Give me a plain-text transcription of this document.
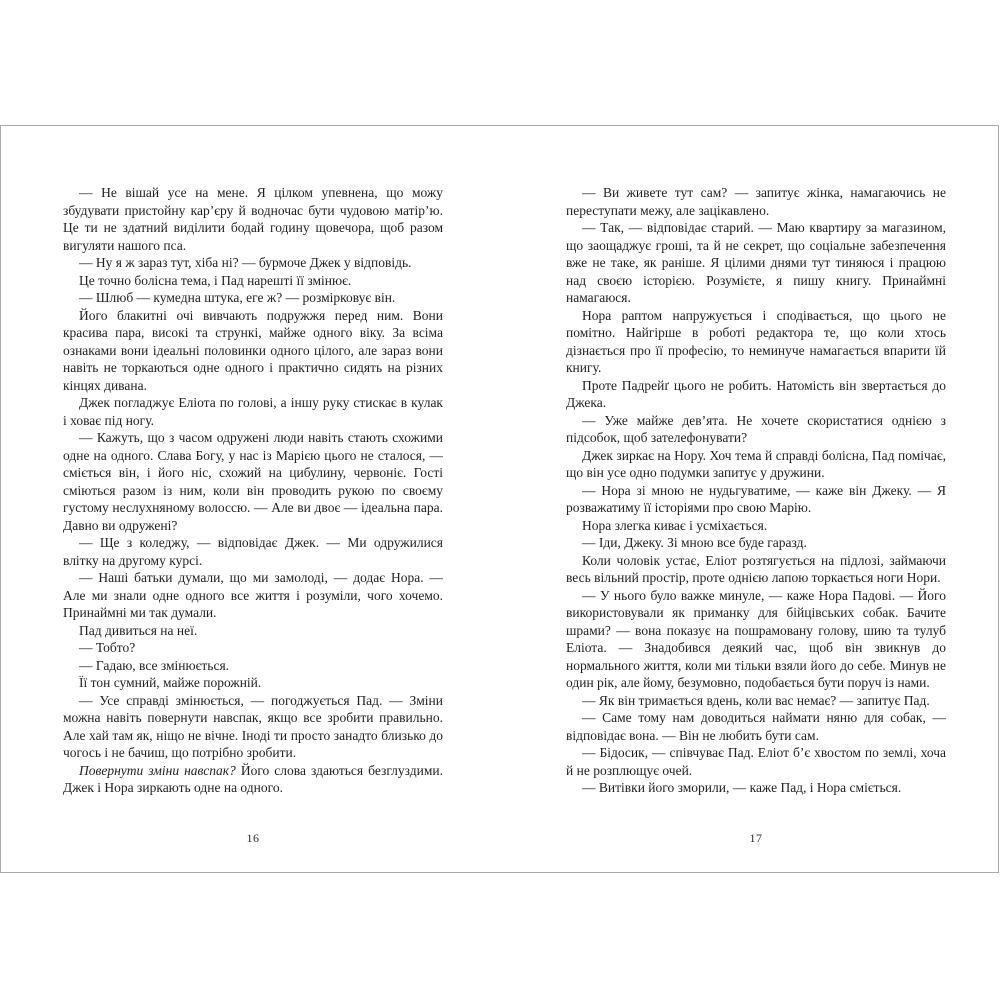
— Не вішай усе на мене. Я цілком упевнена, що можу збудувати пристойну кар’єру й водночас бути чудовою матір’ю. Це ти не здатний виділити бодай годину щовечора, щоб разом вигуляти нашого пса.

— Ну я ж зараз тут, хіба ні? — бурмоче Джек у відповідь.

Це точно болісна тема, і Пад нарешті її змінює.

— Шлюб — кумедна штука, еге ж? — розмірковує він.

Його блакитні очі вивчають подружжя перед ним. Вони красива пара, високі та стрункі, майже одного віку. За всіма ознаками вони ідеальні половинки одного цілого, але зараз вони навіть не торкаються одне одного і практично сидять на різних кінцях дивана.

Джек погладжує Еліота по голові, а іншу руку стискає в кулак і ховає під ногу.

— Кажуть, що з часом одружені люди навіть стають схожими одне на одного. Слава Богу, у нас із Марією цього не сталося, — сміється він, і його ніс, схожий на цибулину, червоніє. Гості сміються разом із ним, коли він проводить рукою по своєму густому неслухняному волоссю. — Але ви двоє — ідеальна пара. Давно ви одружені?

— Ще з коледжу, — відповідає Джек. — Ми одружилися влітку на другому курсі.

— Наші батьки думали, що ми замолоді, — додає Нора. — Але ми знали одне одного все життя і розуміли, чого хочемо. Принаймні ми так думали.

Пад дивиться на неї.

— Тобто?

— Гадаю, все змінюється.

Її тон сумний, майже порожній.

— Усе справді змінюється, — погоджується Пад. — Зміни можна навіть повернути навспак, якщо все зробити правильно. Але хай там як, ніщо не вічне. Іноді ти просто занадто близько до чогось і не бачиш, що потрібно зробити.

Повернути зміни навспак? Його слова здаються безглуздими. Джек і Нора зиркають одне на одного.

16

— Ви живете тут сам? — запитує жінка, намагаючись не переступати межу, але зацікавлено.

— Так, — відповідає старий. — Маю квартиру за магазином, що заощаджує гроші, та й не секрет, що соціальне забезпечення вже не таке, як раніше. Я цілими днями тут тиняюся і працюю над своєю історією. Розумієте, я пишу книгу. Принаймні намагаюся.

Нора раптом напружується і сподівається, що цього не помітно. Найгірше в роботі редактора те, що коли хтось дізнається про її професію, то неминуче намагається впарити їй книгу.

Проте Падрейґ цього не робить. Натомість він звертається до Джека.

— Уже майже дев’ята. Не хочете скористатися однією з підсобок, щоб зателефонувати?

Джек зиркає на Нору. Хоч тема й справді болісна, Пад помічає, що він усе одно подумки запитує у дружини.

— Нора зі мною не нудьгуватиме, — каже він Джеку. — Я розважатиму її історіями про свою Марію.

Нора злегка киває і усміхається.

— Іди, Джеку. Зі мною все буде гаразд.

Коли чоловік устає, Еліот розтягується на підлозі, займаючи весь вільний простір, проте однією лапою торкається ноги Нори.

— У нього було важке минуле, — каже Нора Падові. — Його використовували як приманку для бійцівських собак. Бачите шрами? — вона показує на пошрамовану голову, шию та тулуб Еліота. — Знадобився деякий час, щоб він звикнув до нормального життя, коли ми тільки взяли його до себе. Минув не один рік, але йому, безумовно, подобається бути поруч із нами.

— Як він тримається вдень, коли вас немає? — запитує Пад.

— Саме тому нам доводиться наймати няню для собак, — відповідає вона. — Він не любить бути сам.

— Бідосик, — співчуває Пад. Еліот б’є хвостом по землі, хоча й не розплющує очей.

— Витівки його зморили, — каже Пад, і Нора сміється.

17
